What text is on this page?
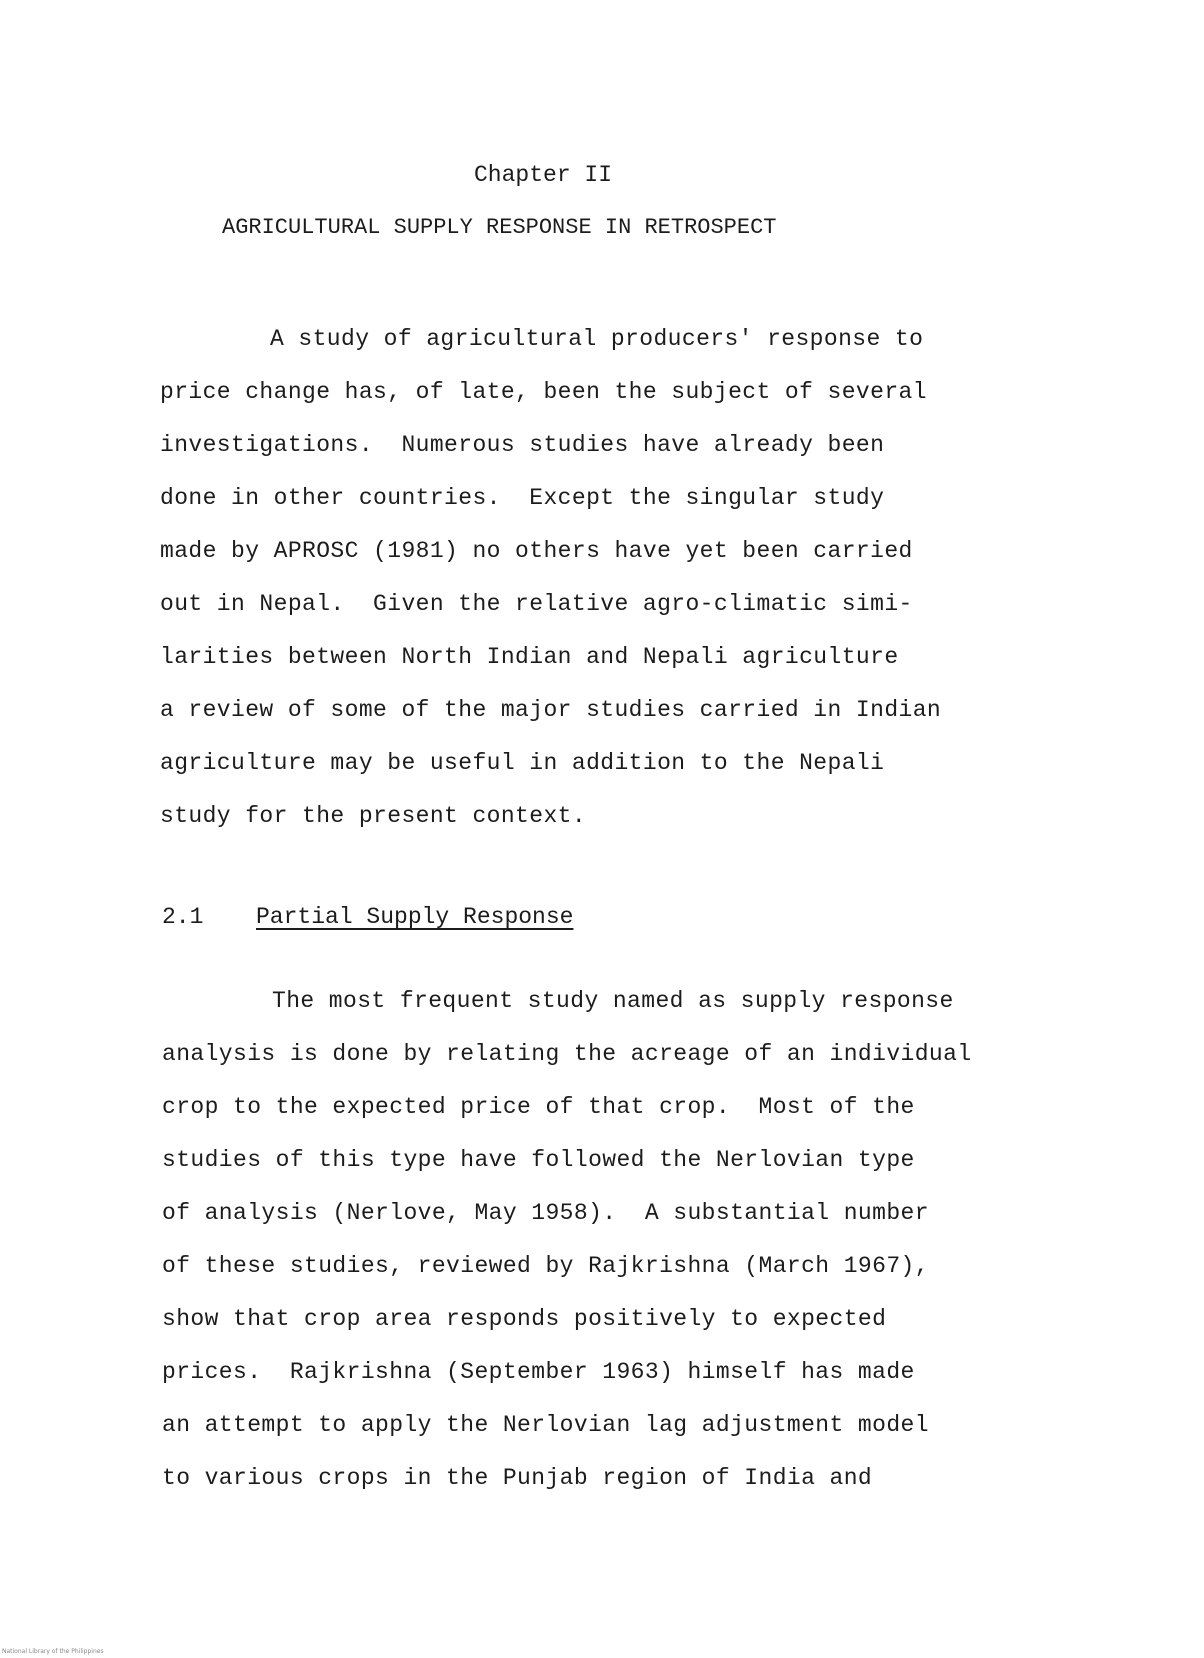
Chapter II
AGRICULTURAL SUPPLY RESPONSE IN RETROSPECT
A study of agricultural producers' response to
price change has, of late, been the subject of several
investigations.  Numerous studies have already been
done in other countries.  Except the singular study
made by APROSC (1981) no others have yet been carried
out in Nepal.  Given the relative agro-climatic simi-
larities between North Indian and Nepali agriculture
a review of some of the major studies carried in Indian
agriculture may be useful in addition to the Nepali
study for the present context.
2.1 Partial Supply Response
The most frequent study named as supply response
analysis is done by relating the acreage of an individual
crop to the expected price of that crop.  Most of the
studies of this type have followed the Nerlovian type
of analysis (Nerlove, May 1958).  A substantial number
of these studies, reviewed by Rajkrishna (March 1967),
show that crop area responds positively to expected
prices.  Rajkrishna (September 1963) himself has made
an attempt to apply the Nerlovian lag adjustment model
to various crops in the Punjab region of India and
National Library of the Philippines
